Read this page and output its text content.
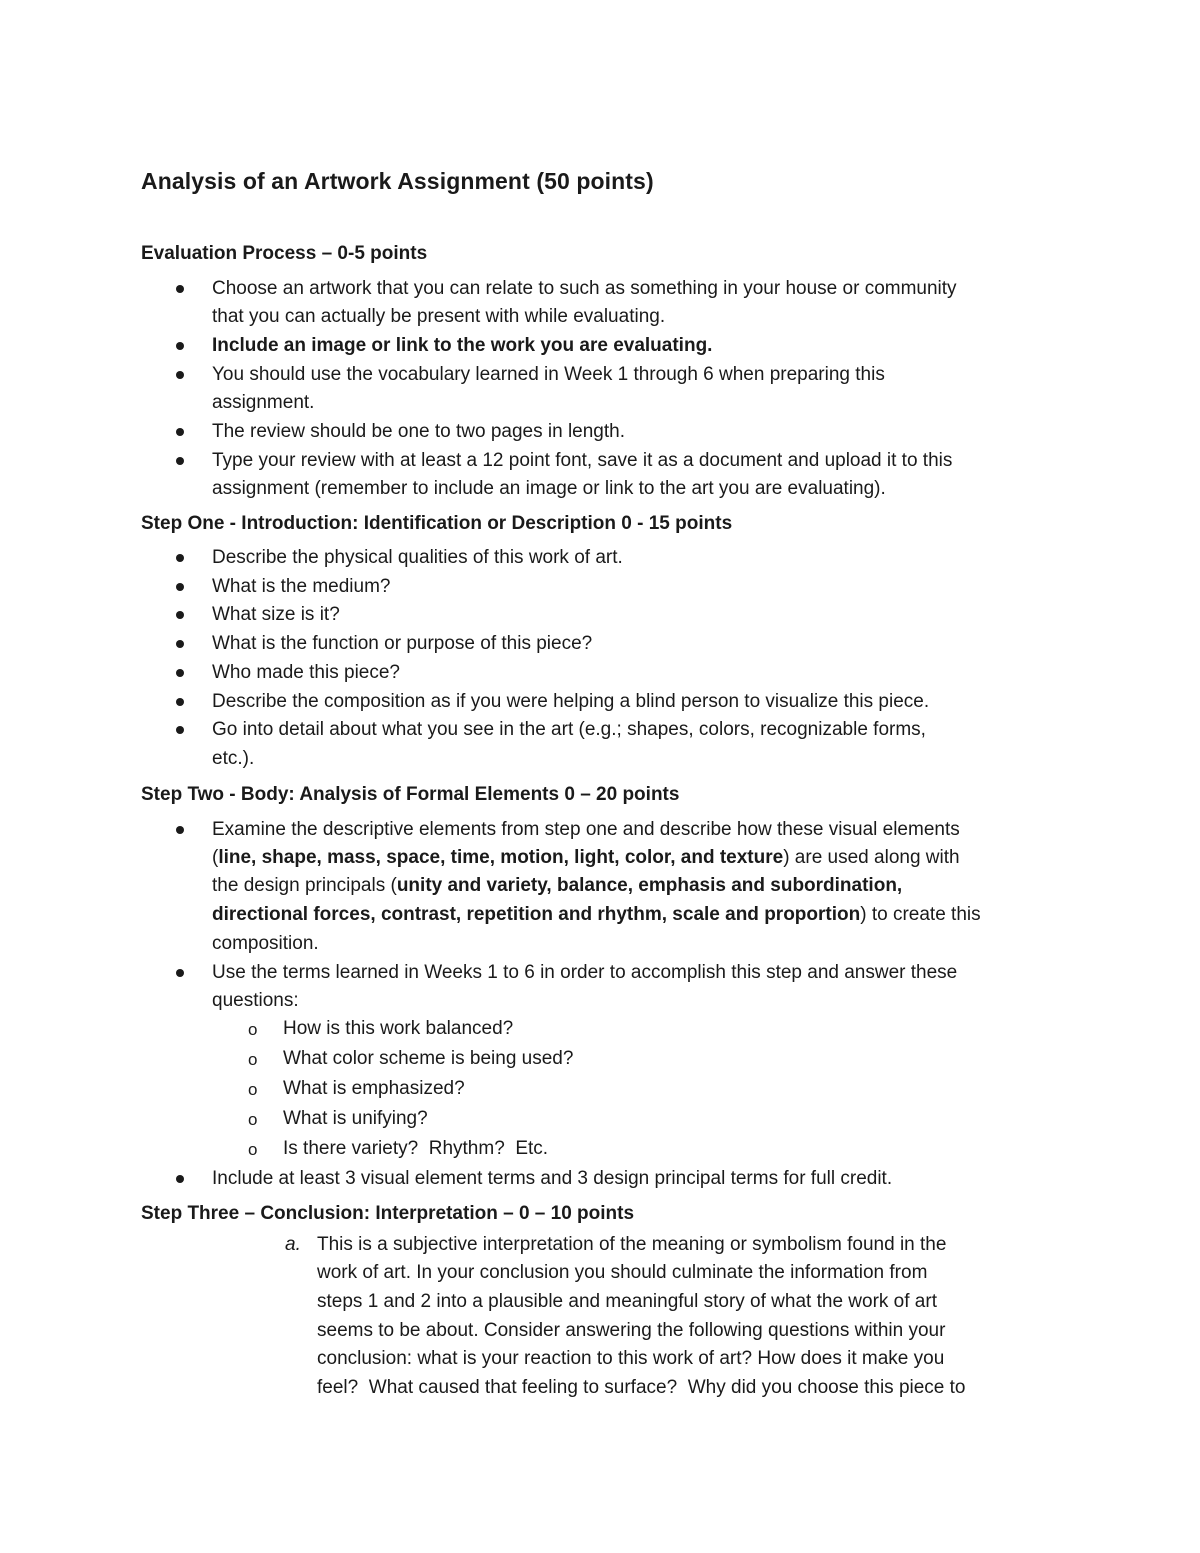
Analysis of an Artwork Assignment (50 points)
Evaluation Process – 0-5 points
Choose an artwork that you can relate to such as something in your house or community
that you can actually be present with while evaluating.
Include an image or link to the work you are evaluating.
You should use the vocabulary learned in Week 1 through 6 when preparing this
assignment.
The review should be one to two pages in length.
Type your review with at least a 12 point font, save it as a document and upload it to this
assignment (remember to include an image or link to the art you are evaluating).
Step One - Introduction: Identification or Description 0 - 15 points
Describe the physical qualities of this work of art.
What is the medium?
What size is it?
What is the function or purpose of this piece?
Who made this piece?
Describe the composition as if you were helping a blind person to visualize this piece.
Go into detail about what you see in the art (e.g.; shapes, colors, recognizable forms,
etc.).
Step Two - Body: Analysis of Formal Elements 0 – 20 points
Examine the descriptive elements from step one and describe how these visual elements
(line, shape, mass, space, time, motion, light, color, and texture) are used along with
the design principals (unity and variety, balance, emphasis and subordination,
directional forces, contrast, repetition and rhythm, scale and proportion) to create this
composition.
Use the terms learned in Weeks 1 to 6 in order to accomplish this step and answer these
questions:
o How is this work balanced?
o What color scheme is being used?
o What is emphasized?
o What is unifying?
o Is there variety?  Rhythm?  Etc.
Include at least 3 visual element terms and 3 design principal terms for full credit.
Step Three – Conclusion: Interpretation – 0 – 10 points
a. This is a subjective interpretation of the meaning or symbolism found in the
work of art. In your conclusion you should culminate the information from
steps 1 and 2 into a plausible and meaningful story of what the work of art
seems to be about. Consider answering the following questions within your
conclusion: what is your reaction to this work of art? How does it make you
feel?  What caused that feeling to surface?  Why did you choose this piece to
